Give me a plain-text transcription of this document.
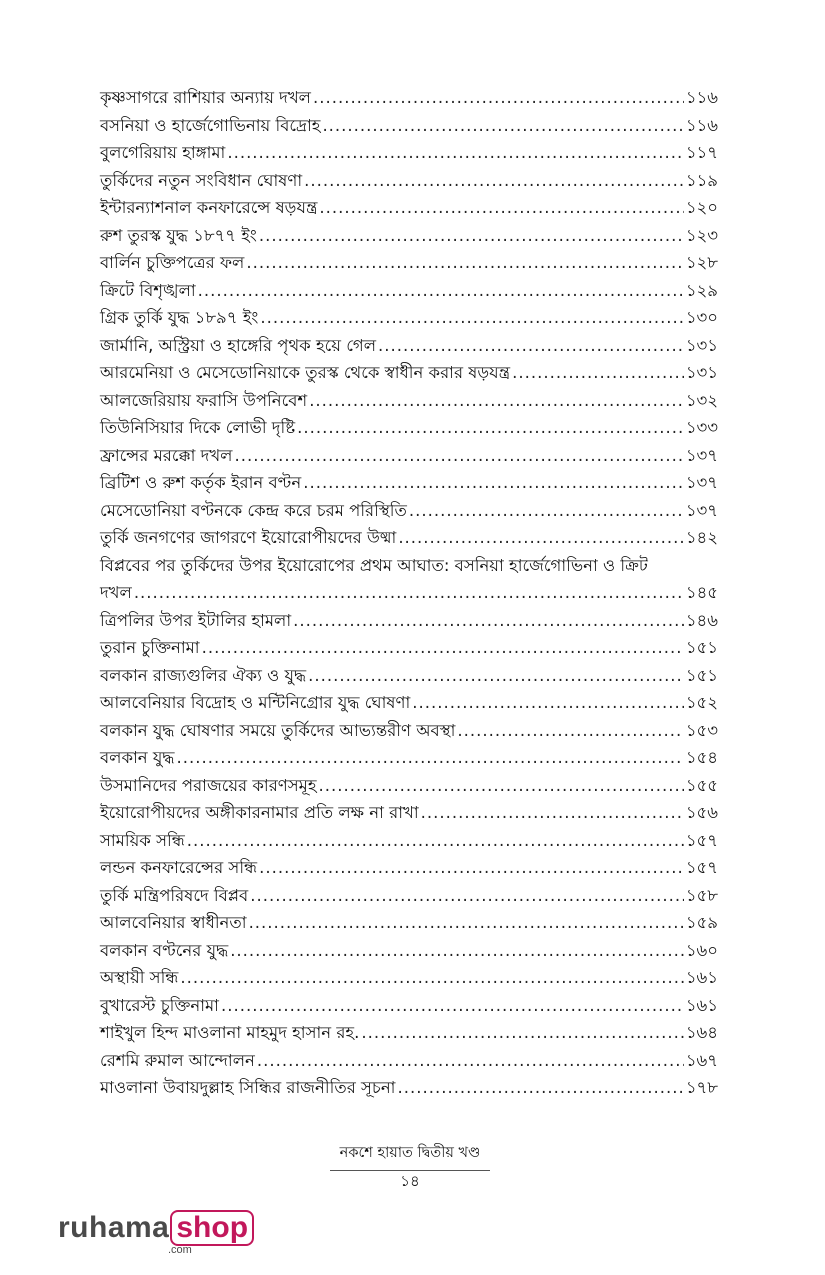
কৃষ্ণসাগরে রাশিয়ার অন্যায় দখল .....	১১৬
বসনিয়া ও হার্জেগোভিনায় বিদ্রোহ .....	১১৬
বুলগেরিয়ায় হাঙ্গামা .....	১১৭
তুর্কিদের নতুন সংবিধান ঘোষণা .....	১১৯
ইন্টারন্যাশনাল কনফারেন্সে ষড়যন্ত্র .....	১২০
রুশ তুরস্ক যুদ্ধ ১৮৭৭ ইং .....	১২৩
বার্লিন চুক্তিপত্রের ফল .....	১২৮
ক্রিটে বিশৃঙ্খলা .....	১২৯
গ্রিক তুর্কি যুদ্ধ ১৮৯৭ ইং .....	১৩০
জার্মানি, অস্ট্রিয়া ও হাঙ্গেরি পৃথক হয়ে গেল .....	১৩১
আরমেনিয়া ও মেসেডোনিয়াকে তুরস্ক থেকে স্বাধীন করার ষড়যন্ত্র .....	১৩১
আলজেরিয়ায় ফরাসি উপনিবেশ .....	১৩২
তিউনিসিয়ার দিকে লোভী দৃষ্টি .....	১৩৩
ফ্রান্সের মরক্কো দখল .....	১৩৭
ব্রিটিশ ও রুশ কর্তৃক ইরান বণ্টন .....	১৩৭
মেসেডোনিয়া বণ্টনকে কেন্দ্র করে চরম পরিস্থিতি .....	১৩৭
তুর্কি জনগণের জাগরণে ইয়োরোপীয়দের উষ্মা .....	১৪২
বিপ্লবের পর তুর্কিদের উপর ইয়োরোপের প্রথম আঘাত: বসনিয়া হার্জেগোভিনা ও ক্রিট
দখল .....	১৪৫
ত্রিপলির উপর ইটালির হামলা .....	১৪৬
তুরান চুক্তিনামা .....	১৫১
বলকান রাজ্যগুলির ঐক্য ও যুদ্ধ .....	১৫১
আলবেনিয়ার বিদ্রোহ ও মন্টিনিগ্রোর যুদ্ধ ঘোষণা .....	১৫২
বলকান যুদ্ধ ঘোষণার সময়ে তুর্কিদের আভ্যন্তরীণ অবস্থা .....	১৫৩
বলকান যুদ্ধ .....	১৫৪
উসমানিদের পরাজয়ের কারণসমূহ .....	১৫৫
ইয়োরোপীয়দের অঙ্গীকারনামার প্রতি লক্ষ না রাখা .....	১৫৬
সাময়িক সন্ধি .....	১৫৭
লন্ডন কনফারেন্সের সন্ধি .....	১৫৭
তুর্কি মন্ত্রিপরিষদে বিপ্লব .....	১৫৮
আলবেনিয়ার স্বাধীনতা .....	১৫৯
বলকান বণ্টনের যুদ্ধ .....	১৬০
অস্থায়ী সন্ধি .....	১৬১
বুখারেস্ট চুক্তিনামা .....	১৬১
শাইখুল হিন্দ মাওলানা মাহমুদ হাসান রহ. .....	১৬৪
রেশমি রুমাল আন্দোলন .....	১৬৭
মাওলানা উবায়দুল্লাহ সিন্ধির রাজনীতির সূচনা .....	১৭৮
নকশে হায়াত দ্বিতীয় খণ্ড
১৪
ruhama shop
.com
